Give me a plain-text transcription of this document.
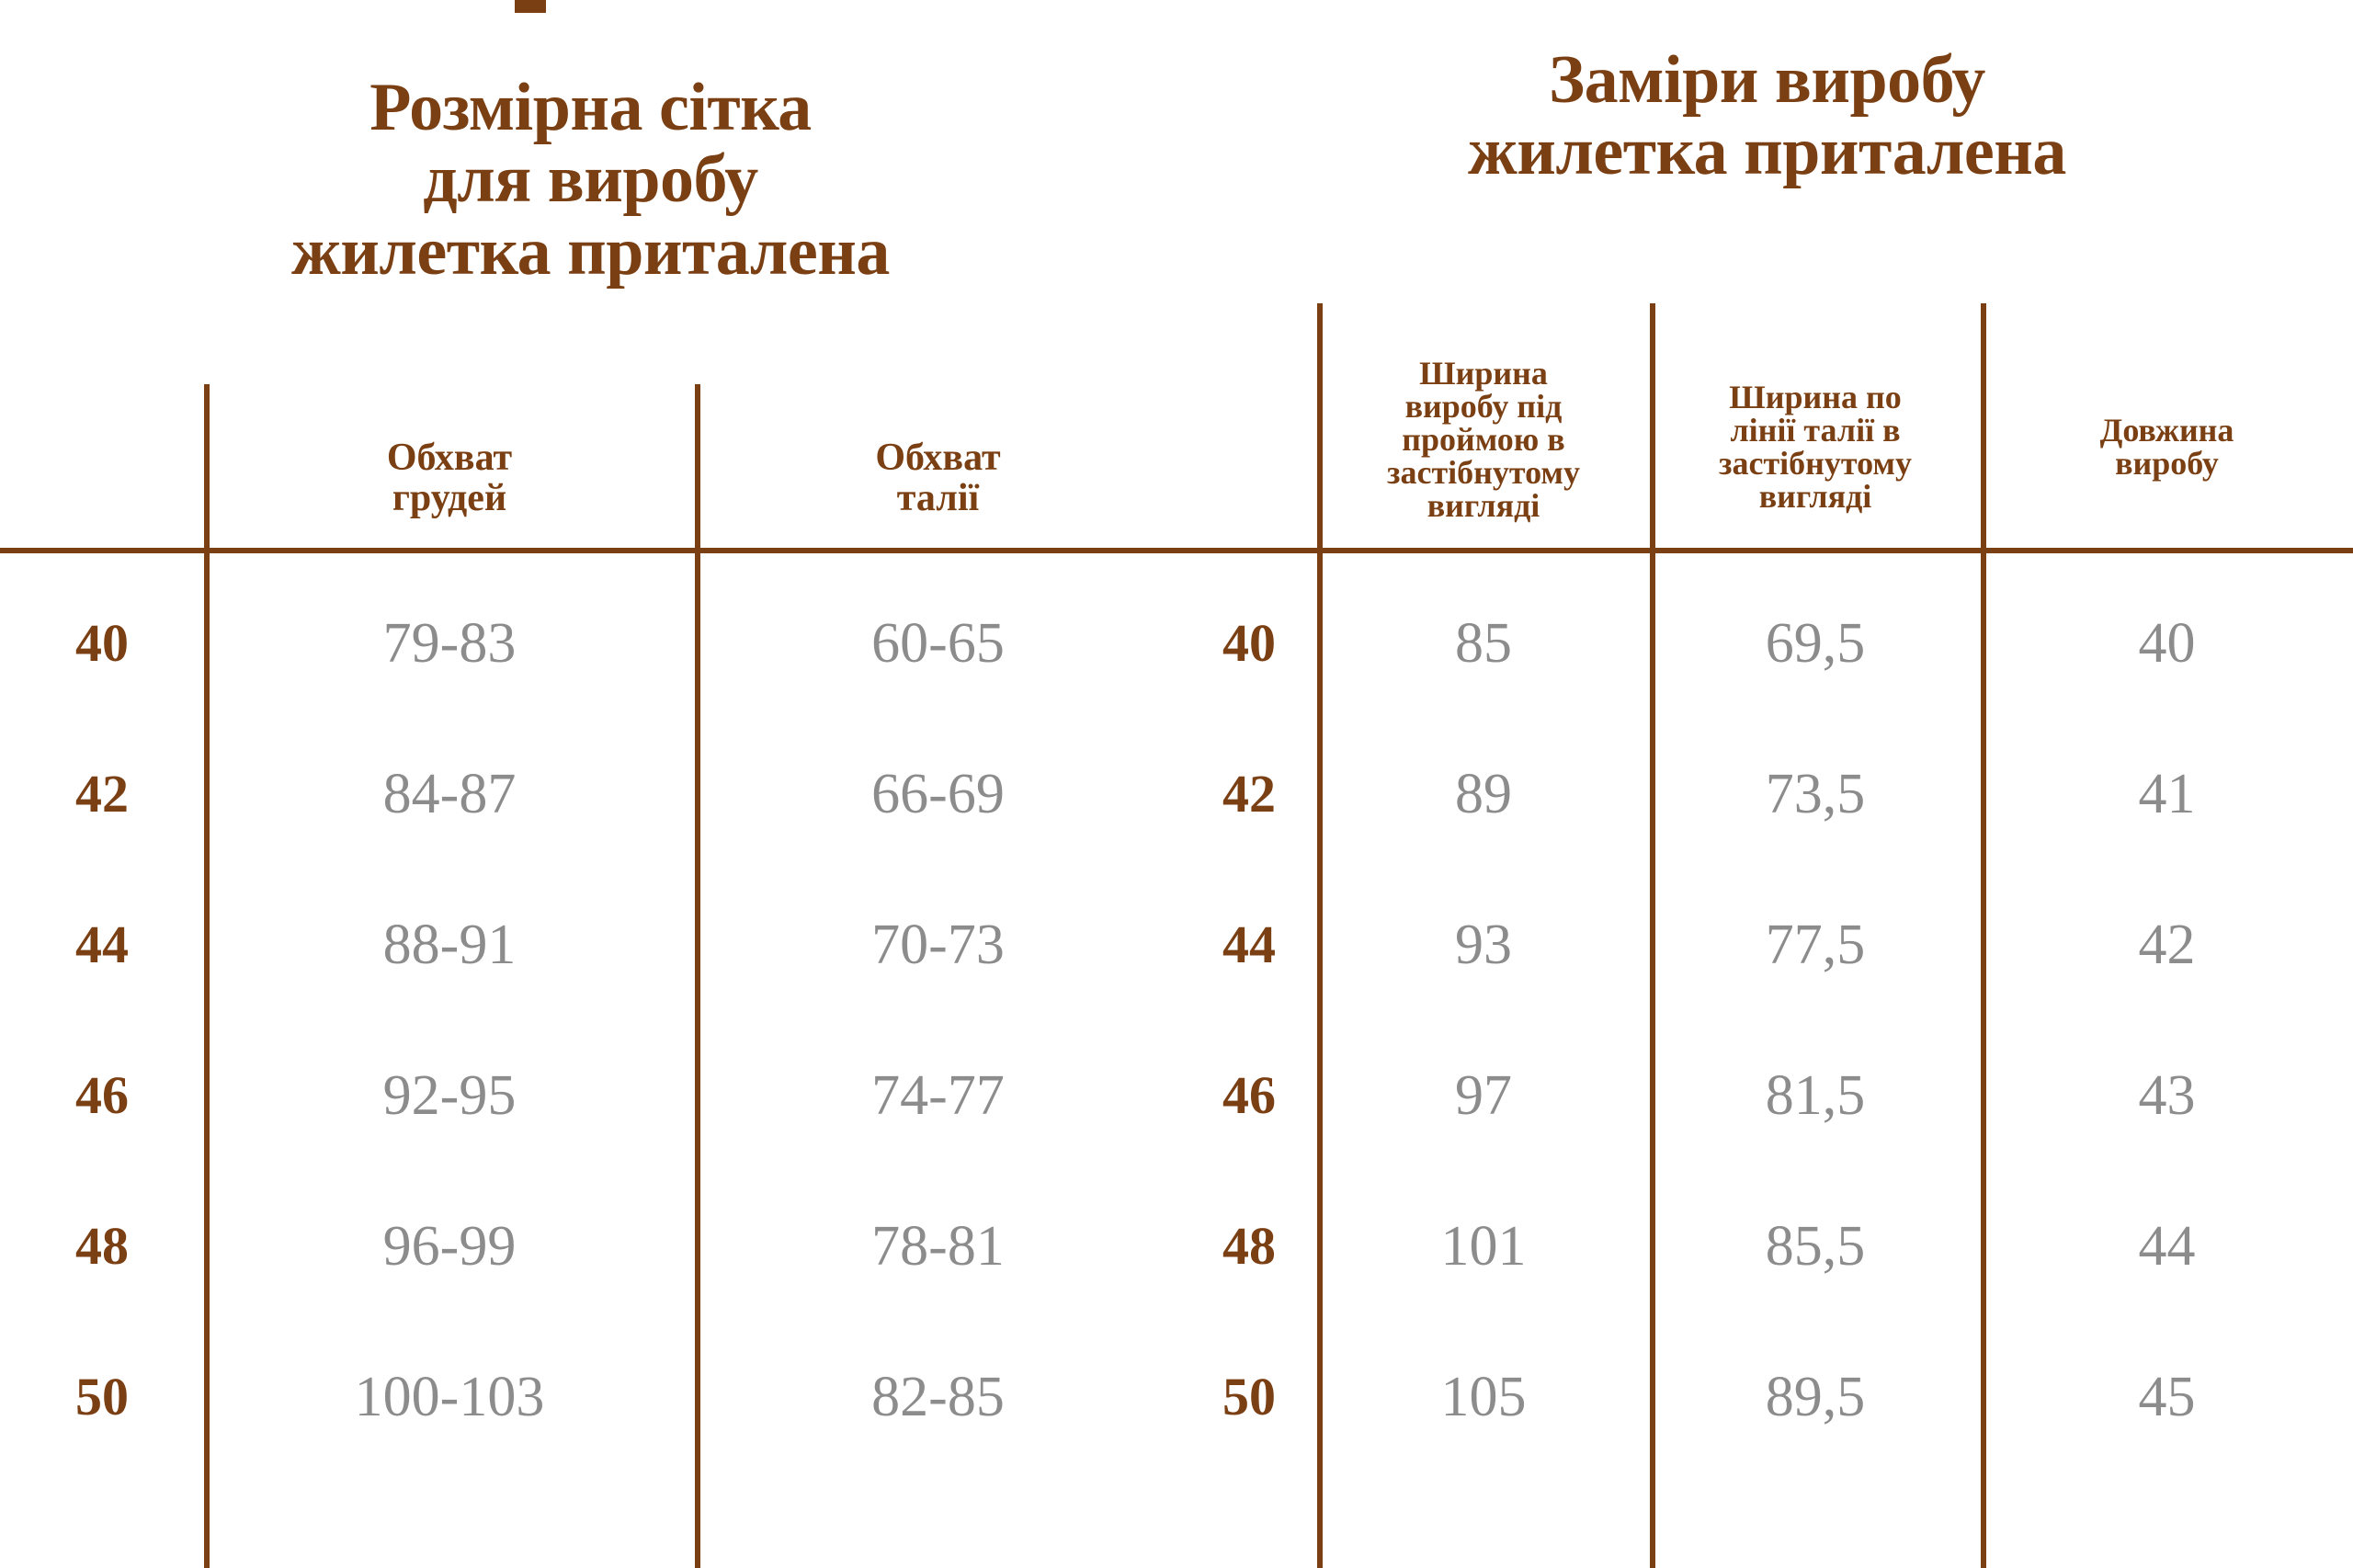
Розмірна сітка
для виробу
жилетка приталена
Заміри виробу
жилетка приталена
Обхват
грудей
Обхват
талії
40	79-83	60-65
42	84-87	66-69
44	88-91	70-73
46	92-95	74-77
48	96-99	78-81
50	100-103	82-85
Ширина
виробу під
проймою в
застібнутому
вигляді
Ширина по
лінії талії в
застібнутому
вигляді
Довжина
виробу
40	85	69,5	40
42	89	73,5	41
44	93	77,5	42
46	97	81,5	43
48	101	85,5	44
50	105	89,5	45
